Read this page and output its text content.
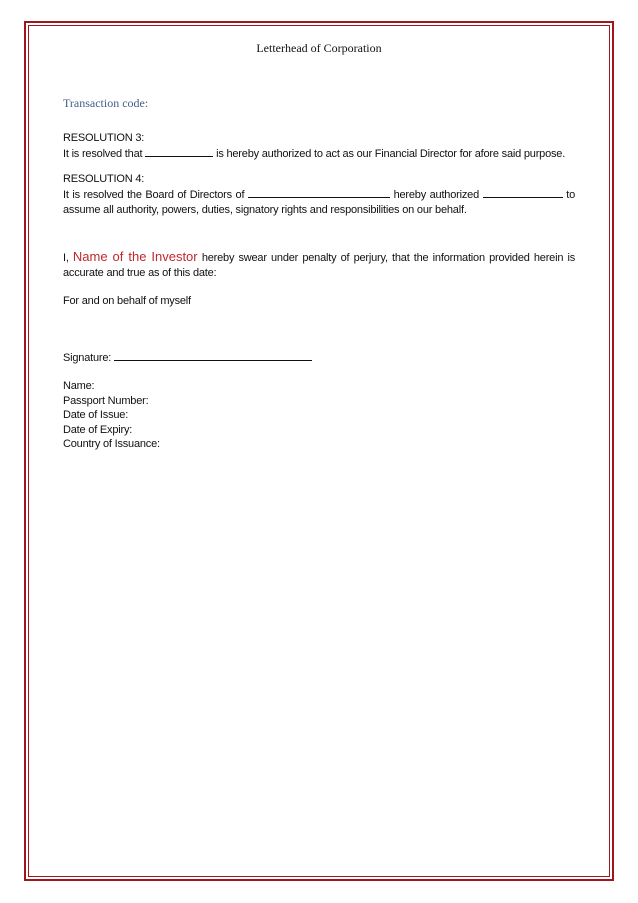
Letterhead of Corporation

Transaction code:

RESOLUTION 3:

It is resolved that	is hereby authorized to act as our Financial Director for afore said purpose.

RESOLUTION 4:

It is resolved the Board of Directors of	hereby authorized	to assume all authority, powers, duties, signatory rights and responsibilities on our behalf.

I, Name of the Investor hereby swear under penalty of perjury, that the information provided herein is accurate and true as of this date:

For and on behalf of myself

Signature:

Name:

Passport Number:

Date of Issue:

Date of Expiry:

Country of Issuance:
